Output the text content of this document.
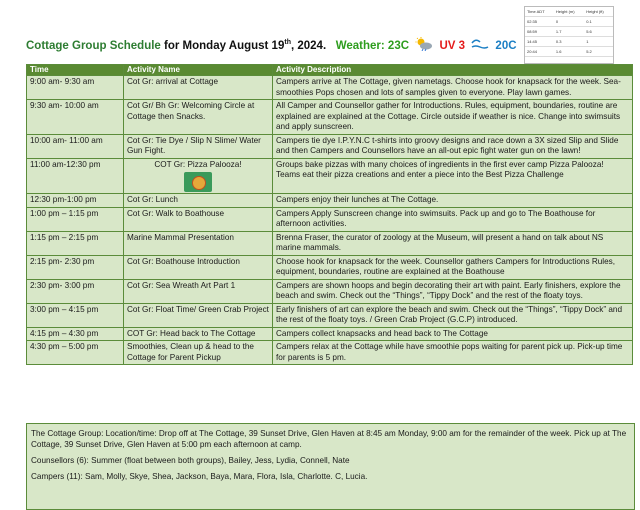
Cottage Group Schedule for Monday August 19th, 2024. Weather: 23C	UV 3	20C
Time ADT	Height (m)	Height (ft)
02:35	0	0.1
08:59	1.7	5.6
14:45	0.3	1
20:44	1.6	5.2
Time	Activity Name	Activity Description
9:00 am- 9:30 am	Cot Gr: arrival at Cottage	Campers arrive at The Cottage, given nametags. Choose hook for knapsack for the week. Sea-smoothies Pops chosen and lots of samples given to everyone. Play lawn games.
9:30 am- 10:00 am	Cot Gr/ Bh Gr: Welcoming Circle at Cottage then Snacks.	All Camper and Counsellor gather for Introductions. Rules, equipment, boundaries, routine are explained are explained at the Cottage. Circle outside if weather is nice. Change into swimsuits and apply sunscreen.
10:00 am- 11:00 am	Cot Gr: Tie Dye / Slip N Slime/ Water Gun Fight.	Campers tie dye I.P.Y.N.C t-shirts into groovy designs and race down a 3X sized Slip and Slide and then Campers and Counsellors have an all-out epic fight water gun on the lawn!
11:00 am-12:30 pm	COT Gr: Pizza Palooza!	Groups bake pizzas with many choices of ingredients in the first ever camp Pizza Palooza! Teams eat their pizza creations and enter a piece into the Best Pizza Challenge
12:30 pm-1:00 pm	Cot Gr: Lunch	Campers enjoy their lunches at The Cottage.
1:00 pm – 1:15 pm	Cot Gr: Walk to Boathouse	Campers Apply Sunscreen change into swimsuits. Pack up and go to The Boathouse for afternoon activities.
1:15 pm – 2:15 pm	Marine Mammal Presentation	Brenna Fraser, the curator of zoology at the Museum, will present a hand on talk about NS marine mammals.
2:15 pm- 2:30 pm	Cot Gr: Boathouse Introduction	Choose hook for knapsack for the week. Counsellor gathers Campers for Introductions Rules, equipment, boundaries, routine are explained at the Boathouse
2:30 pm- 3:00 pm	Cot Gr: Sea Wreath Art Part 1	Campers are shown hoops and begin decorating their art with paint. Early finishers, explore the beach and swim. Check out the “Things”, “Tippy Dock” and the rest of the floaty toys.
3:00 pm – 4:15 pm	Cot Gr: Float Time/ Green Crab Project	Early finishers of art can explore the beach and swim. Check out the “Things”, “Tippy Dock” and the rest of the floaty toys. / Green Crab Project (G.C.P) introduced.
4:15 pm – 4:30 pm	COT Gr: Head back to The Cottage	Campers collect knapsacks and head back to The Cottage
4:30 pm – 5:00 pm	Smoothies, Clean up & head to the Cottage for Parent Pickup	Campers relax at the Cottage while have smoothie pops waiting for parent pick up. Pick-up time for parents is 5 pm.

The Cottage Group: Location/time: Drop off at The Cottage, 39 Sunset Drive, Glen Haven at 8:45 am Monday, 9:00 am for the remainder of the week. Pick up at The Cottage, 39 Sunset Drive, Glen Haven at 5:00 pm each afternoon at camp.

Counsellors (6): Summer (float between both groups), Bailey, Jess, Lydia, Connell, Nate

Campers (11): Sam, Molly, Skye, Shea, Jackson, Baya, Mara, Flora, Isla, Charlotte. C, Lucia.
